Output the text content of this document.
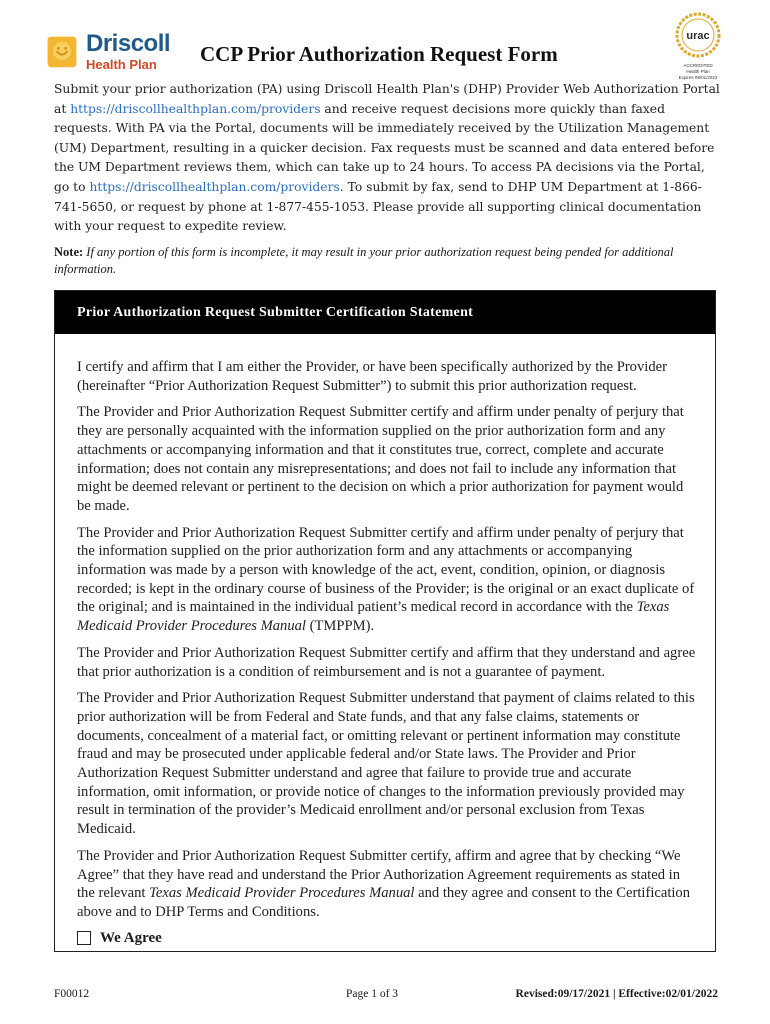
Driscoll
Health Plan	CCP Prior Authorization Request Form
urac
ACCREDITED
Health Plan
Expires 09/01/2023

Submit your prior authorization (PA) using Driscoll Health Plan's (DHP) Provider Web Authorization Portal at https://driscollhealthplan.com/providers and receive request decisions more quickly than faxed requests. With PA via the Portal, documents will be immediately received by the Utilization Management (UM) Department, resulting in a quicker decision. Fax requests must be scanned and data entered before the UM Department reviews them, which can take up to 24 hours. To access PA decisions via the Portal, go to https://driscollhealthplan.com/providers. To submit by fax, send to DHP UM Department at 1-866-741-5650, or request by phone at 1-877-455-1053. Please provide all supporting clinical documentation with your request to expedite review.

Note: If any portion of this form is incomplete, it may result in your prior authorization request being pended for additional information.

Prior Authorization Request Submitter Certification Statement

I certify and affirm that I am either the Provider, or have been specifically authorized by the Provider (hereinafter “Prior Authorization Request Submitter”) to submit this prior authorization request.

The Provider and Prior Authorization Request Submitter certify and affirm under penalty of perjury that they are personally acquainted with the information supplied on the prior authorization form and any attachments or accompanying information and that it constitutes true, correct, complete and accurate information; does not contain any misrepresentations; and does not fail to include any information that might be deemed relevant or pertinent to the decision on which a prior authorization for payment would be made.

The Provider and Prior Authorization Request Submitter certify and affirm under penalty of perjury that the information supplied on the prior authorization form and any attachments or accompanying information was made by a person with knowledge of the act, event, condition, opinion, or diagnosis recorded; is kept in the ordinary course of business of the Provider; is the original or an exact duplicate of the original; and is maintained in the individual patient’s medical record in accordance with the Texas Medicaid Provider Procedures Manual (TMPPM).

The Provider and Prior Authorization Request Submitter certify and affirm that they understand and agree that prior authorization is a condition of reimbursement and is not a guarantee of payment.

The Provider and Prior Authorization Request Submitter understand that payment of claims related to this prior authorization will be from Federal and State funds, and that any false claims, statements or documents, concealment of a material fact, or omitting relevant or pertinent information may constitute fraud and may be prosecuted under applicable federal and/or State laws. The Provider and Prior Authorization Request Submitter understand and agree that failure to provide true and accurate information, omit information, or provide notice of changes to the information previously provided may result in termination of the provider’s Medicaid enrollment and/or personal exclusion from Texas Medicaid.

The Provider and Prior Authorization Request Submitter certify, affirm and agree that by checking “We Agree” that they have read and understand the Prior Authorization Agreement requirements as stated in the relevant Texas Medicaid Provider Procedures Manual and they agree and consent to the Certification above and to DHP Terms and Conditions.

We Agree
F00012	Page 1 of 3	Revised:09/17/2021 | Effective:02/01/2022
